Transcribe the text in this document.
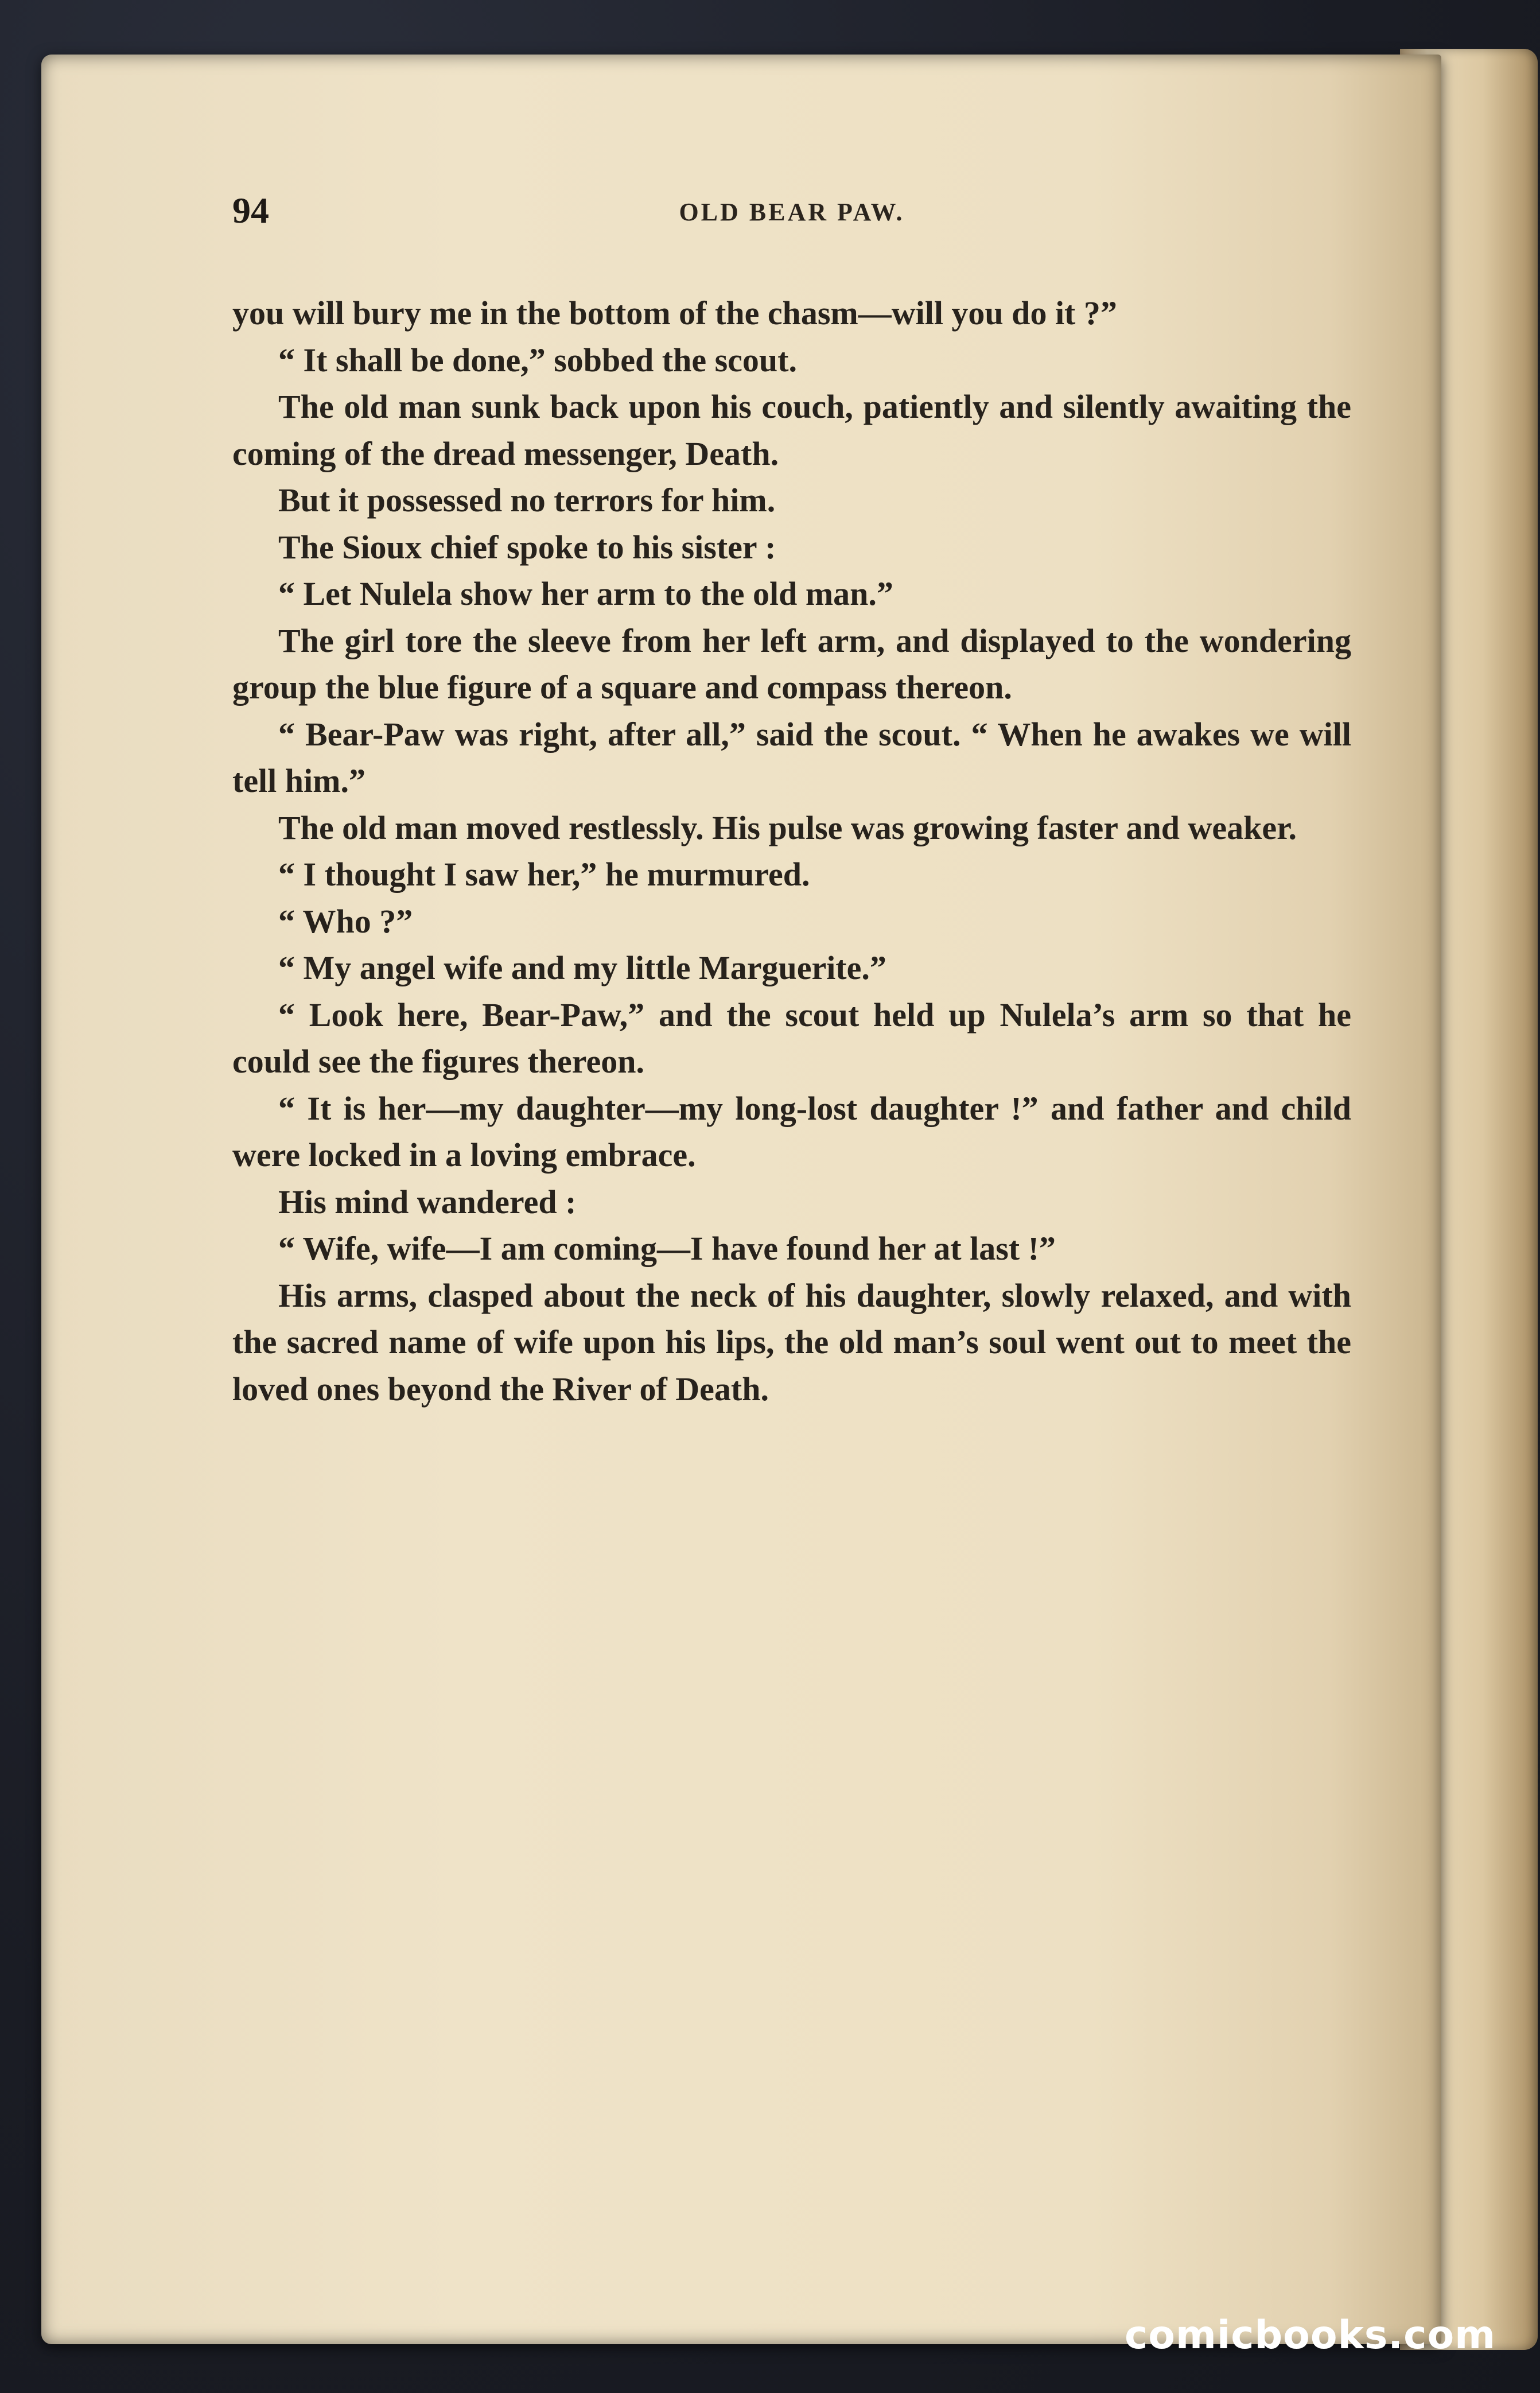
94	OLD BEAR PAW.

you will bury me in the bottom of the chasm—will you do it ?”

“ It shall be done,” sobbed the scout.

The old man sunk back upon his couch, patiently and silently awaiting the coming of the dread messenger, Death.

But it possessed no terrors for him.

The Sioux chief spoke to his sister :

“ Let Nulela show her arm to the old man.”

The girl tore the sleeve from her left arm, and displayed to the wondering group the blue figure of a square and compass thereon.

“ Bear-Paw was right, after all,” said the scout. “ When he awakes we will tell him.”

The old man moved restlessly. His pulse was growing faster and weaker.

“ I thought I saw her,” he murmured.

“ Who ?”

“ My angel wife and my little Marguerite.”

“ Look here, Bear-Paw,” and the scout held up Nulela’s arm so that he could see the figures thereon.

“ It is her—my daughter—my long-lost daughter !” and father and child were locked in a loving embrace.

His mind wandered :

“ Wife, wife—I am coming—I have found her at last !”

His arms, clasped about the neck of his daughter, slowly relaxed, and with the sacred name of wife upon his lips, the old man’s soul went out to meet the loved ones beyond the River of Death.

comicbooks.com
